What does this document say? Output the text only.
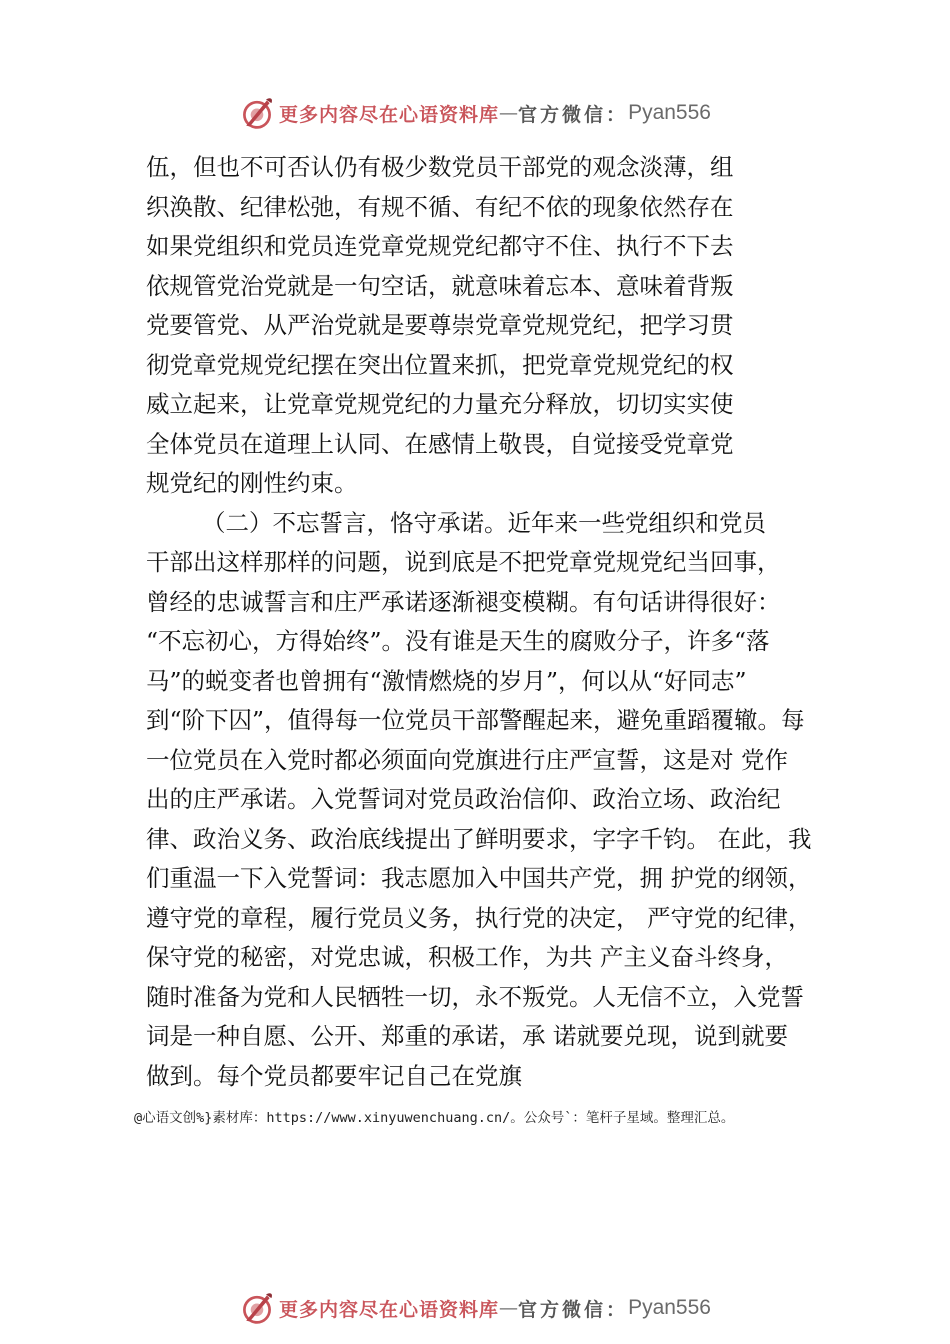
更多内容尽在心语资料库 — 官方微信： Pyan556
伍，但也不可否认仍有极少数党员干部党的观念淡薄，组
织涣散、纪律松弛，有规不循、有纪不依的现象依然存在
如果党组织和党员连党章党规党纪都守不住、执行不下去
依规管党治党就是一句空话，就意味着忘本、意味着背叛
党要管党、从严治党就是要尊崇党章党规党纪，把学习贯
彻党章党规党纪摆在突出位置来抓，把党章党规党纪的权
威立起来，让党章党规党纪的力量充分释放，切切实实使
全体党员在道理上认同、在感情上敬畏，自觉接受党章党
规党纪的刚性约束。
（二）不忘誓言，恪守承诺。近年来一些党组织和党员
干部出这样那样的问题，说到底是不把党章党规党纪当回事，
曾经的忠诚誓言和庄严承诺逐渐褪变模糊。有句话讲得很好：
“不忘初心，方得始终”。没有谁是天生的腐败分子，许多“落
马”的蜕变者也曾拥有“激情燃烧的岁月”，何以从“好同志”
到“阶下囚”，值得每一位党员干部警醒起来，避免重蹈覆辙。每
一位党员在入党时都必须面向党旗进行庄严宣誓，这是对 党作
出的庄严承诺。入党誓词对党员政治信仰、政治立场、政治纪
律、政治义务、政治底线提出了鲜明要求，字字千钧。 在此，我
们重温一下入党誓词：我志愿加入中国共产党，拥 护党的纲领，
遵守党的章程，履行党员义务，执行党的决定， 严守党的纪律，
保守党的秘密，对党忠诚，积极工作，为共 产主义奋斗终身，
随时准备为党和人民牺牲一切，永不叛党。人无信不立，入党誓
词是一种自愿、公开、郑重的承诺，承 诺就要兑现，说到就要
做到。每个党员都要牢记自己在党旗
@心语文创%}素材库：https://www.xinyuwenchuang.cn/。公众号`：笔杆子星域。整理汇总。
更多内容尽在心语资料库 — 官方微信： Pyan556
